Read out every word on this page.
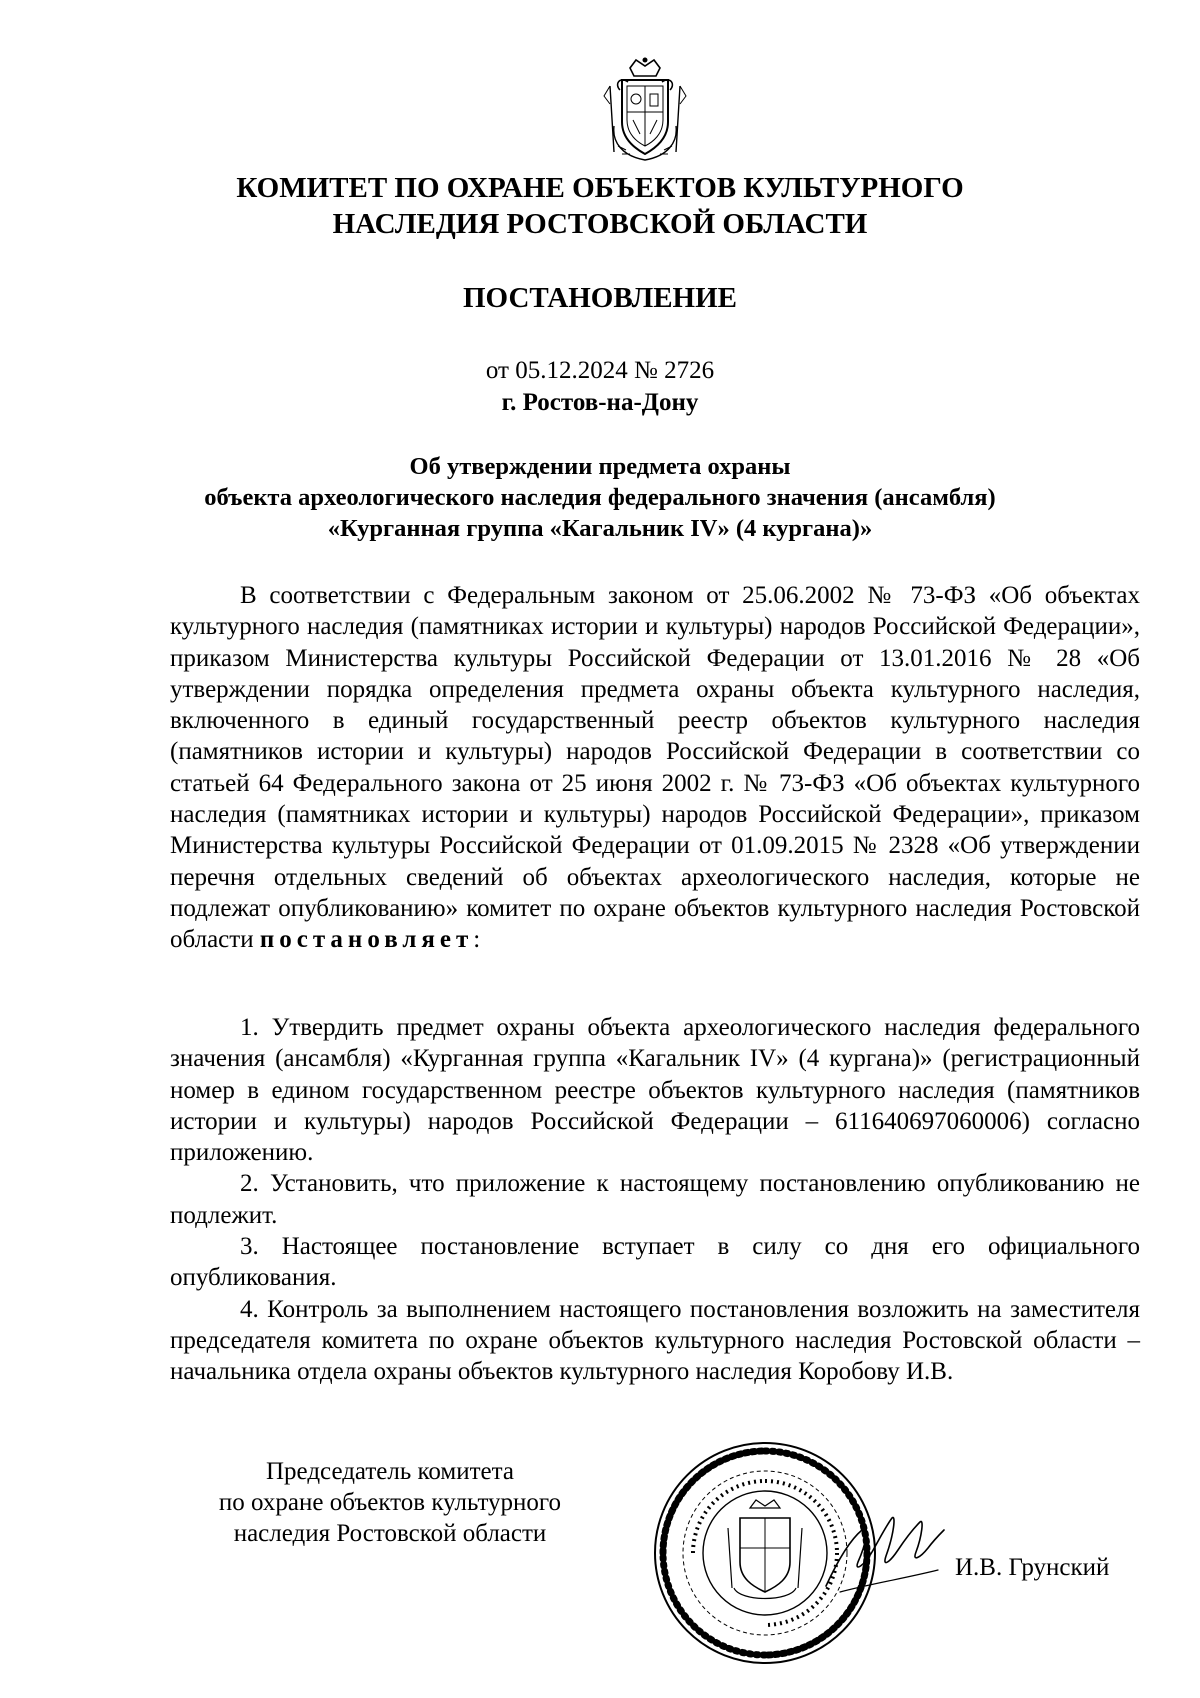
КОМИТЕТ ПО ОХРАНЕ ОБЪЕКТОВ КУЛЬТУРНОГО
НАСЛЕДИЯ РОСТОВСКОЙ ОБЛАСТИ
ПОСТАНОВЛЕНИЕ
от 05.12.2024 № 2726
г. Ростов-на-Дону
Об утверждении предмета охраны
объекта археологического наследия федерального значения (ансамбля)
«Курганная группа «Кагальник IV» (4 кургана)»

В соответствии с Федеральным законом от 25.06.2002 № 73-ФЗ «Об объектах культурного наследия (памятниках истории и культуры) народов Российской Федерации», приказом Министерства культуры Российской Федерации от 13.01.2016 № 28 «Об утверждении порядка определения предмета охраны объекта культурного наследия, включенного в единый государственный реестр объектов культурного наследия (памятников истории и культуры) народов Российской Федерации в соответствии со статьей 64 Федерального закона от 25 июня 2002 г. № 73-ФЗ «Об объектах культурного наследия (памятниках истории и культуры) народов Российской Федерации», приказом Министерства культуры Российской Федерации от 01.09.2015 № 2328 «Об утверждении перечня отдельных сведений об объектах археологического наследия, которые не подлежат опубликованию» комитет по охране объектов культурного наследия Ростовской области постановляет:

1. Утвердить предмет охраны объекта археологического наследия федерального значения (ансамбля) «Курганная группа «Кагальник IV» (4 кургана)» (регистрационный номер в едином государственном реестре объектов культурного наследия (памятников истории и культуры) народов Российской Федерации – 611640697060006) согласно приложению.

2. Установить, что приложение к настоящему постановлению опубликованию не подлежит.

3. Настоящее постановление вступает в силу со дня его официального опубликования.

4. Контроль за выполнением настоящего постановления возложить на заместителя председателя комитета по охране объектов культурного наследия Ростовской области – начальника отдела охраны объектов культурного наследия Коробову И.В.

Председатель комитета
по охране объектов культурного
наследия Ростовской области
И.В. Грунский
